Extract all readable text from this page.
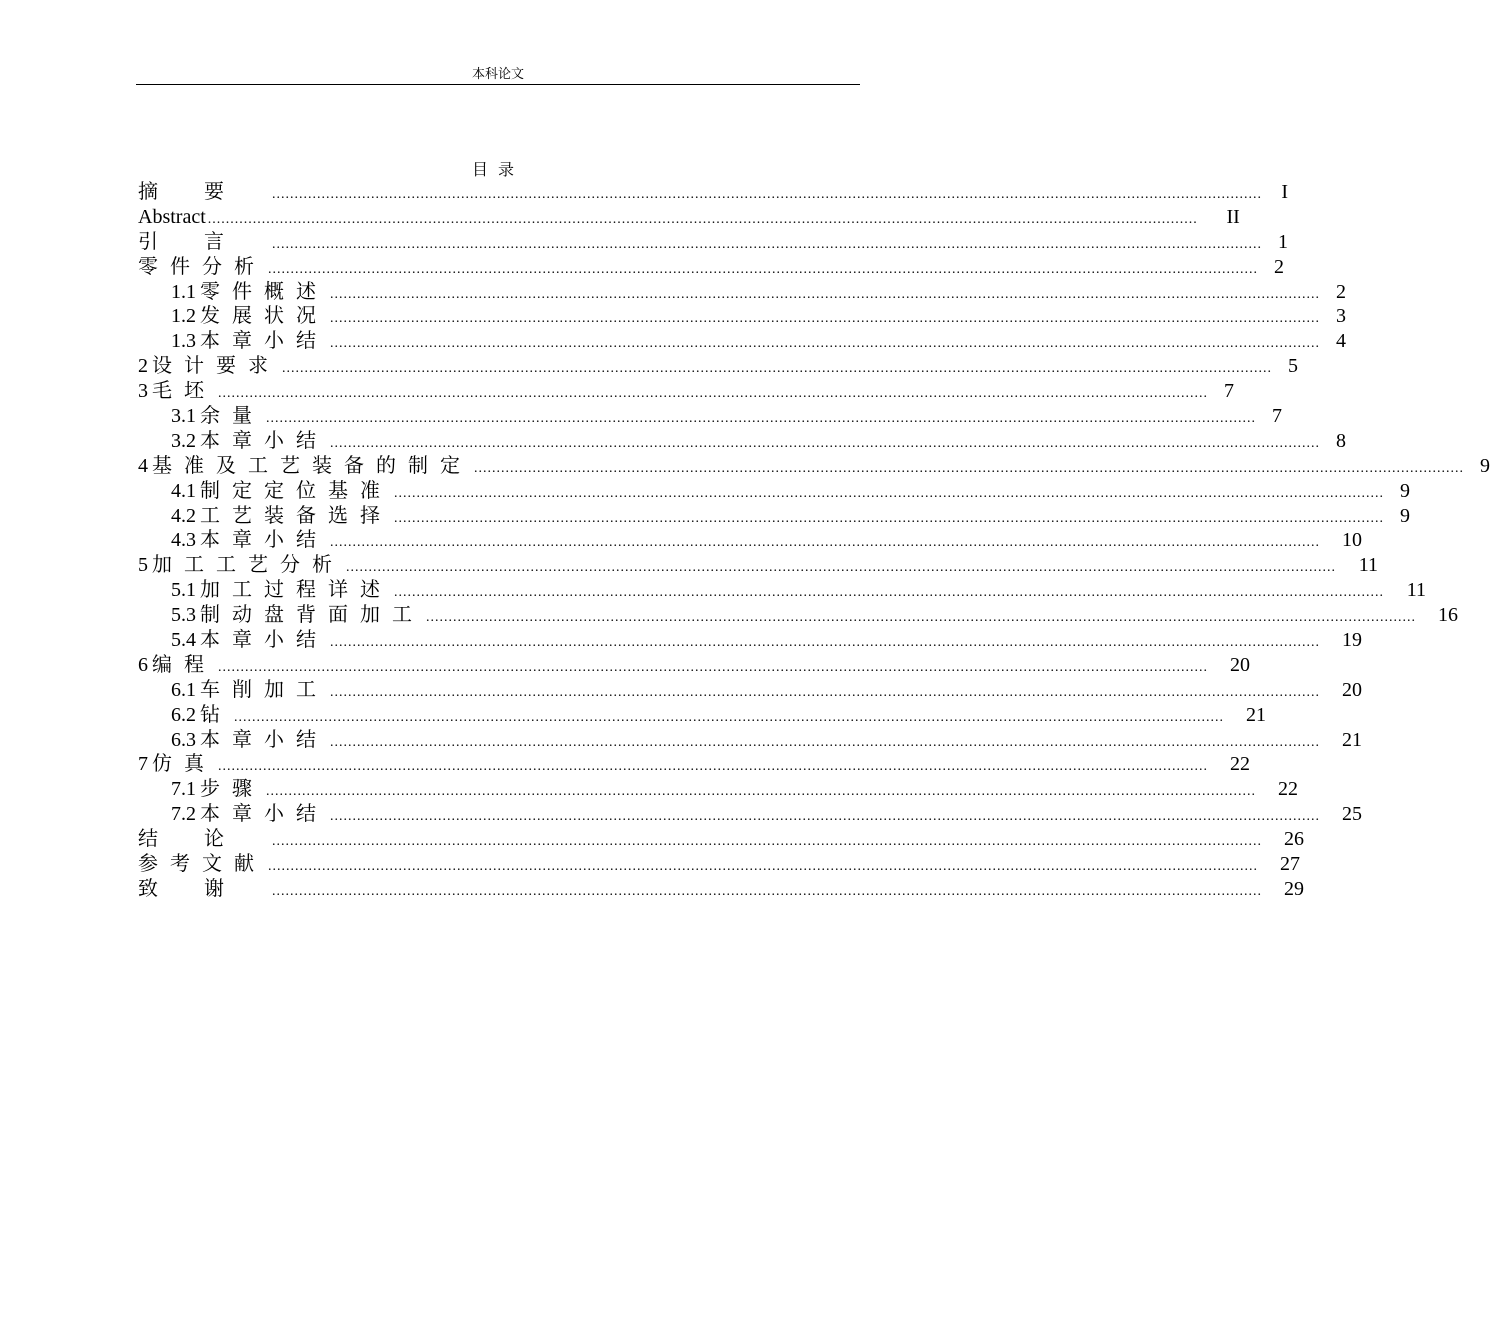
本科论文
目录
摘要 ............................................................................................................................................................................................................................ I
Abstract ............................................................................................................................................................................................................................	II
引言 ............................................................................................................................................................................................................................ 1
零件分析 ............................................................................................................................................................................................................................ 2
1.1 零件概述 ............................................................................................................................................................................................................................ 2
1.2 发展状况 ............................................................................................................................................................................................................................ 3
1.3 本章小结 ............................................................................................................................................................................................................................ 4
2 设计要求 ............................................................................................................................................................................................................................ 5
3 毛坯 ............................................................................................................................................................................................................................ 7
3.1 余量 ............................................................................................................................................................................................................................ 7
3.2 本章小结 ............................................................................................................................................................................................................................ 8
4 基准及工艺装备的制定 ............................................................................................................................................................................................................................ 9
4.1 制定定位基准 ............................................................................................................................................................................................................................ 9
4.2 工艺装备选择 ............................................................................................................................................................................................................................ 9
4.3 本章小结 ............................................................................................................................................................................................................................	10
5 加工工艺分析 ............................................................................................................................................................................................................................	11
5.1 加工过程详述 ............................................................................................................................................................................................................................	11
5.3 制动盘背面加工 ............................................................................................................................................................................................................................	16
5.4 本章小结 ............................................................................................................................................................................................................................	19
6 编程 ............................................................................................................................................................................................................................	20
6.1 车削加工 ............................................................................................................................................................................................................................	20
6.2 钻 ............................................................................................................................................................................................................................	21
6.3 本章小结 ............................................................................................................................................................................................................................	21
7 仿真 ............................................................................................................................................................................................................................	22
7.1 步骤 ............................................................................................................................................................................................................................	22
7.2 本章小结 ............................................................................................................................................................................................................................	25
结论 ............................................................................................................................................................................................................................	26
参考文献 ............................................................................................................................................................................................................................	27
致谢 ............................................................................................................................................................................................................................	29
